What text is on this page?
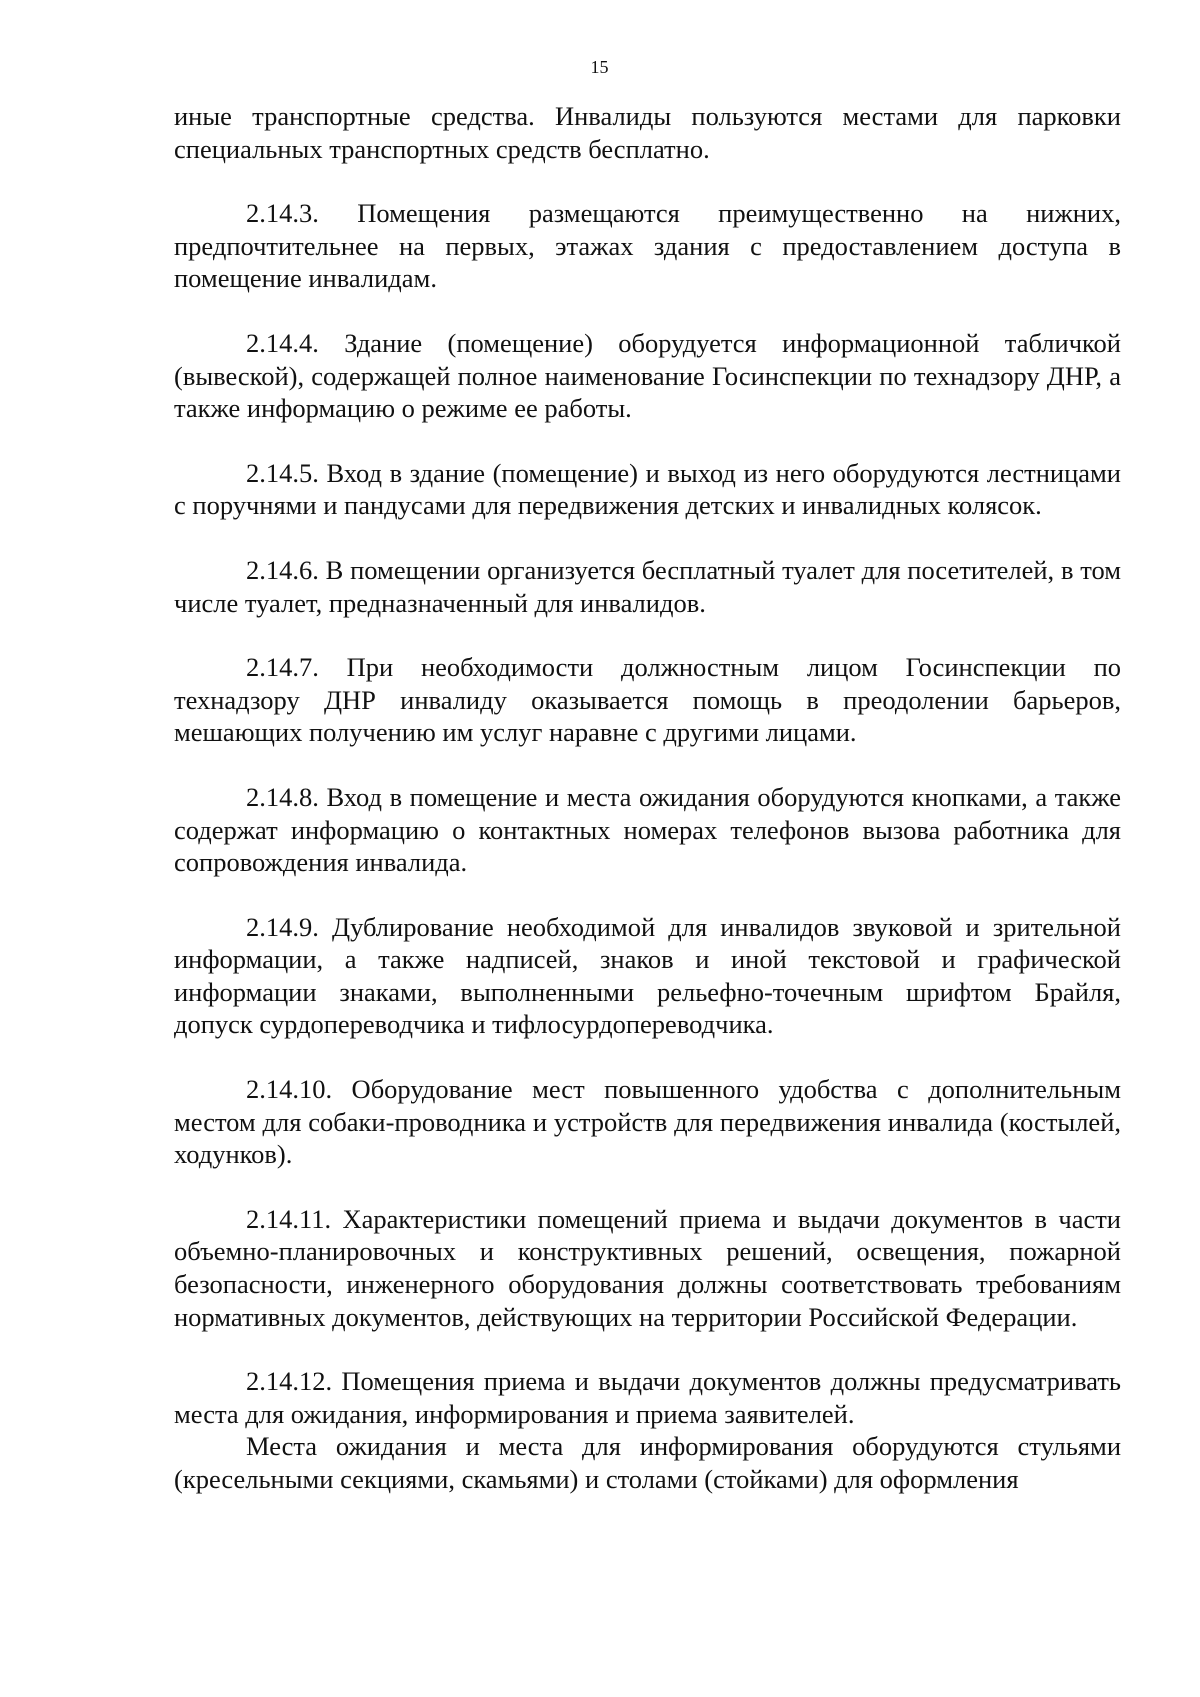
15

иные транспортные средства. Инвалиды пользуются местами для парковки специальных транспортных средств бесплатно.

2.14.3. Помещения размещаются преимущественно на нижних, предпочтительнее на первых, этажах здания с предоставлением доступа в помещение инвалидам.

2.14.4. Здание (помещение) оборудуется информационной табличкой (вывеской), содержащей полное наименование Госинспекции по технадзору ДНР, а также информацию о режиме ее работы.

2.14.5. Вход в здание (помещение) и выход из него оборудуются лестницами с поручнями и пандусами для передвижения детских и инвалидных колясок.

2.14.6. В помещении организуется бесплатный туалет для посетителей, в том числе туалет, предназначенный для инвалидов.

2.14.7. При необходимости должностным лицом Госинспекции по технадзору ДНР инвалиду оказывается помощь в преодолении барьеров, мешающих получению им услуг наравне с другими лицами.

2.14.8. Вход в помещение и места ожидания оборудуются кнопками, а также содержат информацию о контактных номерах телефонов вызова работника для сопровождения инвалида.

2.14.9. Дублирование необходимой для инвалидов звуковой и зрительной информации, а также надписей, знаков и иной текстовой и графической информации знаками, выполненными рельефно-точечным шрифтом Брайля, допуск сурдопереводчика и тифлосурдопереводчика.

2.14.10. Оборудование мест повышенного удобства с дополнительным местом для собаки-проводника и устройств для передвижения инвалида (костылей, ходунков).

2.14.11. Характеристики помещений приема и выдачи документов в части объемно-планировочных и конструктивных решений, освещения, пожарной безопасности, инженерного оборудования должны соответствовать требованиям нормативных документов, действующих на территории Российской Федерации.

2.14.12. Помещения приема и выдачи документов должны предусматривать места для ожидания, информирования и приема заявителей.

Места ожидания и места для информирования оборудуются стульями (кресельными секциями, скамьями) и столами (стойками) для оформления
